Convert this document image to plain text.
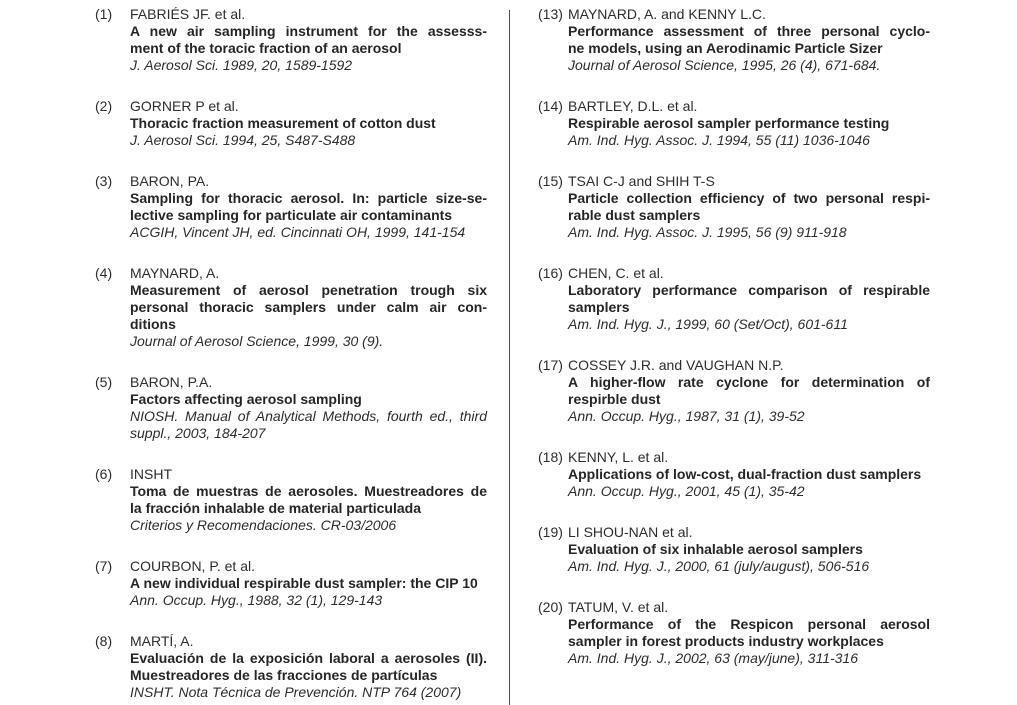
(1)	FABRIÉS JF. et al.
A new air sampling instrument for the assesss-
ment of the toracic fraction of an aerosol
J. Aerosol Sci. 1989, 20, 1589-1592
(2)	GORNER P et al.
Thoracic fraction measurement of cotton dust
J. Aerosol Sci. 1994, 25, S487-S488
(3)	BARON, PA.
Sampling for thoracic aerosol. In: particle size-se-
lective sampling for particulate air contaminants
ACGIH, Vincent JH, ed. Cincinnati OH, 1999, 141-154
(4)	MAYNARD, A.
Measurement of aerosol penetration trough six
personal thoracic samplers under calm air con-
ditions
Journal of Aerosol Science, 1999, 30 (9).
(5)	BARON, P.A.
Factors affecting aerosol sampling
NIOSH. Manual of Analytical Methods, fourth ed., third
suppl., 2003, 184-207
(6)	INSHT
Toma de muestras de aerosoles. Muestreadores de
la fracción inhalable de material particulada
Criterios y Recomendaciones. CR-03/2006
(7)	COURBON, P. et al.
A new individual respirable dust sampler: the CIP 10
Ann. Occup. Hyg., 1988, 32 (1), 129-143
(8)	MARTÍ, A.
Evaluación de la exposición laboral a aerosoles (II).
Muestreadores de las fracciones de partículas
INSHT. Nota Técnica de Prevención. NTP 764 (2007)
(13) MAYNARD, A. and KENNY L.C.
Performance assessment of three personal cyclo-
ne models, using an Aerodinamic Particle Sizer
Journal of Aerosol Science, 1995, 26 (4), 671-684.
(14) BARTLEY, D.L. et al.
Respirable aerosol sampler performance testing
Am. Ind. Hyg. Assoc. J. 1994, 55 (11) 1036-1046
(15) TSAI C-J and SHIH T-S
Particle collection efficiency of two personal respi-
rable dust samplers
Am. Ind. Hyg. Assoc. J. 1995, 56 (9) 911-918
(16) CHEN, C. et al.
Laboratory performance comparison of respirable
samplers
Am. Ind. Hyg. J., 1999, 60 (Set/Oct), 601-611
(17) COSSEY J.R. and VAUGHAN N.P.
A higher-flow rate cyclone for determination of
respirble dust
Ann. Occup. Hyg., 1987, 31 (1), 39-52
(18) KENNY, L. et al.
Applications of low-cost, dual-fraction dust samplers
Ann. Occup. Hyg., 2001, 45 (1), 35-42
(19) LI SHOU-NAN et al.
Evaluation of six inhalable aerosol samplers
Am. Ind. Hyg. J., 2000, 61 (july/august), 506-516
(20) TATUM, V. et al.
Performance of the Respicon personal aerosol
sampler in forest products industry workplaces
Am. Ind. Hyg. J., 2002, 63 (may/june), 311-316
